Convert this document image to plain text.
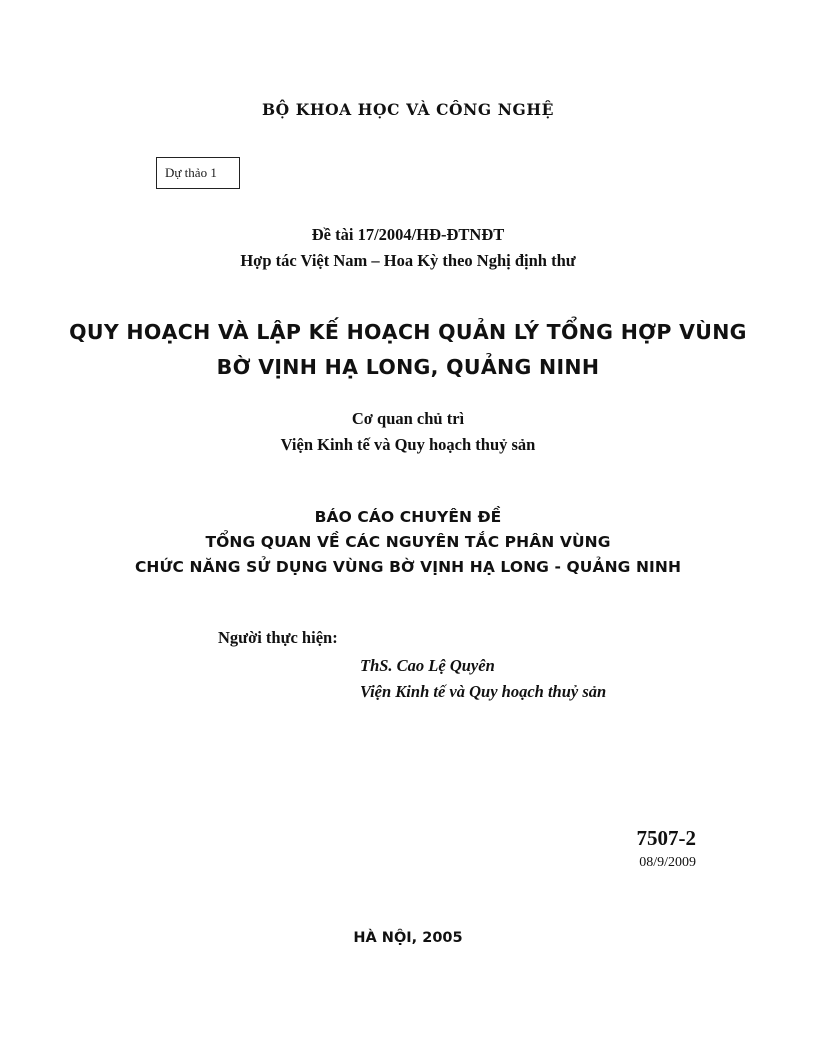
BỘ KHOA HỌC VÀ CÔNG NGHỆ
Dự thảo 1
Đề tài 17/2004/HĐ-ĐTNĐT
Hợp tác Việt Nam – Hoa Kỳ theo Nghị định thư
QUY HOẠCH VÀ LẬP KẾ HOẠCH QUẢN LÝ TỔNG HỢP VÙNG
BỜ VỊNH HẠ LONG, QUẢNG NINH
Cơ quan chủ trì
Viện Kinh tế và Quy hoạch thuỷ sản
BÁO CÁO CHUYÊN ĐỀ
TỔNG QUAN VỀ CÁC NGUYÊN TẮC PHÂN VÙNG
CHỨC NĂNG SỬ DỤNG VÙNG BỜ VỊNH HẠ LONG - QUẢNG NINH
Người thực hiện:
ThS. Cao Lệ Quyên
Viện Kinh tế và Quy hoạch thuỷ sản
7507-2
08/9/2009
HÀ NỘI, 2005
